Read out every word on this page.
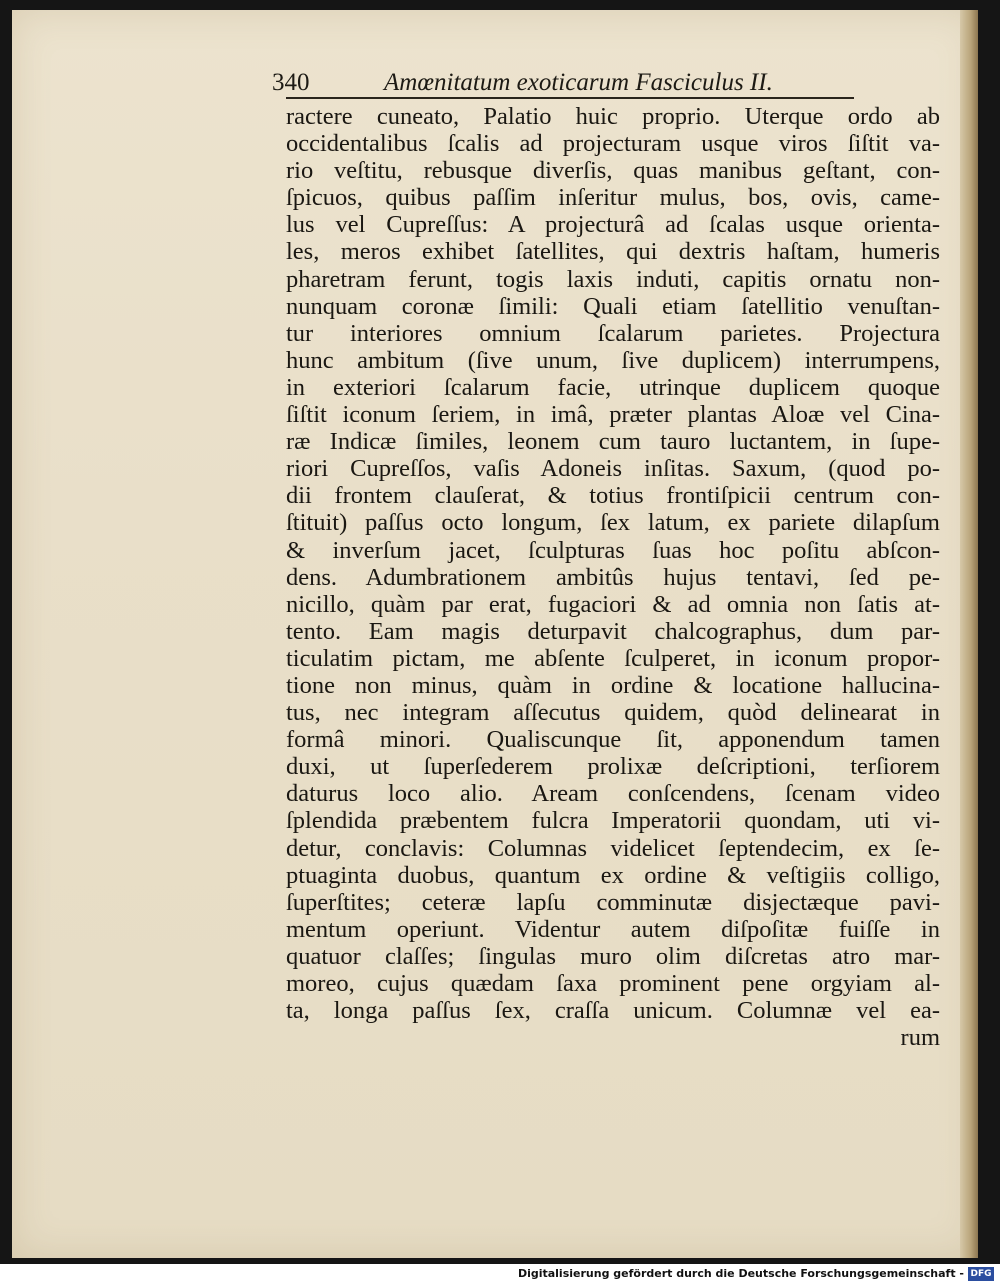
340	Amœnitatum exoticarum Fasciculus II.
ractere cuneato, Palatio huic proprio. Uterque ordo ab
occidentalibus ſcalis ad projecturam usque viros ſiſtit va-
rio veſtitu, rebusque diverſis, quas manibus geſtant, con-
ſpicuos, quibus paſſim inſeritur mulus, bos, ovis, came-
lus vel Cupreſſus: A projecturâ ad ſcalas usque orienta-
les, meros exhibet ſatellites, qui dextris haſtam, humeris
pharetram ferunt, togis laxis induti, capitis ornatu non-
nunquam coronæ ſimili: Quali etiam ſatellitio venuſtan-
tur interiores omnium ſcalarum parietes. Projectura
hunc ambitum (ſive unum, ſive duplicem) interrumpens,
in exteriori ſcalarum facie, utrinque duplicem quoque
ſiſtit iconum ſeriem, in imâ, præter plantas Aloæ vel Cina-
ræ Indicæ ſimiles, leonem cum tauro luctantem, in ſupe-
riori Cupreſſos, vaſis Adoneis inſitas. Saxum, (quod po-
dii frontem clauſerat, & totius frontiſpicii centrum con-
ſtituit) paſſus octo longum, ſex latum, ex pariete dilapſum
& inverſum jacet, ſculpturas ſuas hoc poſitu abſcon-
dens. Adumbrationem ambitûs hujus tentavi, ſed pe-
nicillo, quàm par erat, fugaciori & ad omnia non ſatis at-
tento. Eam magis deturpavit chalcographus, dum par-
ticulatim pictam, me abſente ſculperet, in iconum propor-
tione non minus, quàm in ordine & locatione hallucina-
tus, nec integram aſſecutus quidem, quòd delinearat in
formâ minori. Qualiscunque ſit, apponendum tamen
duxi, ut ſuperſederem prolixæ deſcriptioni, terſiorem
daturus loco alio. Aream conſcendens, ſcenam video
ſplendida præbentem fulcra Imperatorii quondam, uti vi-
detur, conclavis: Columnas videlicet ſeptendecim, ex ſe-
ptuaginta duobus, quantum ex ordine & veſtigiis colligo,
ſuperſtites; ceteræ lapſu comminutæ disjectæque pavi-
mentum operiunt. Videntur autem diſpoſitæ fuiſſe in
quatuor claſſes; ſingulas muro olim diſcretas atro mar-
moreo, cujus quædam ſaxa prominent pene orgyiam al-
ta, longa paſſus ſex, craſſa unicum. Columnæ vel ea-
rum
Digitalisierung gefördert durch die Deutsche Forschungsgemeinschaft - DFG
